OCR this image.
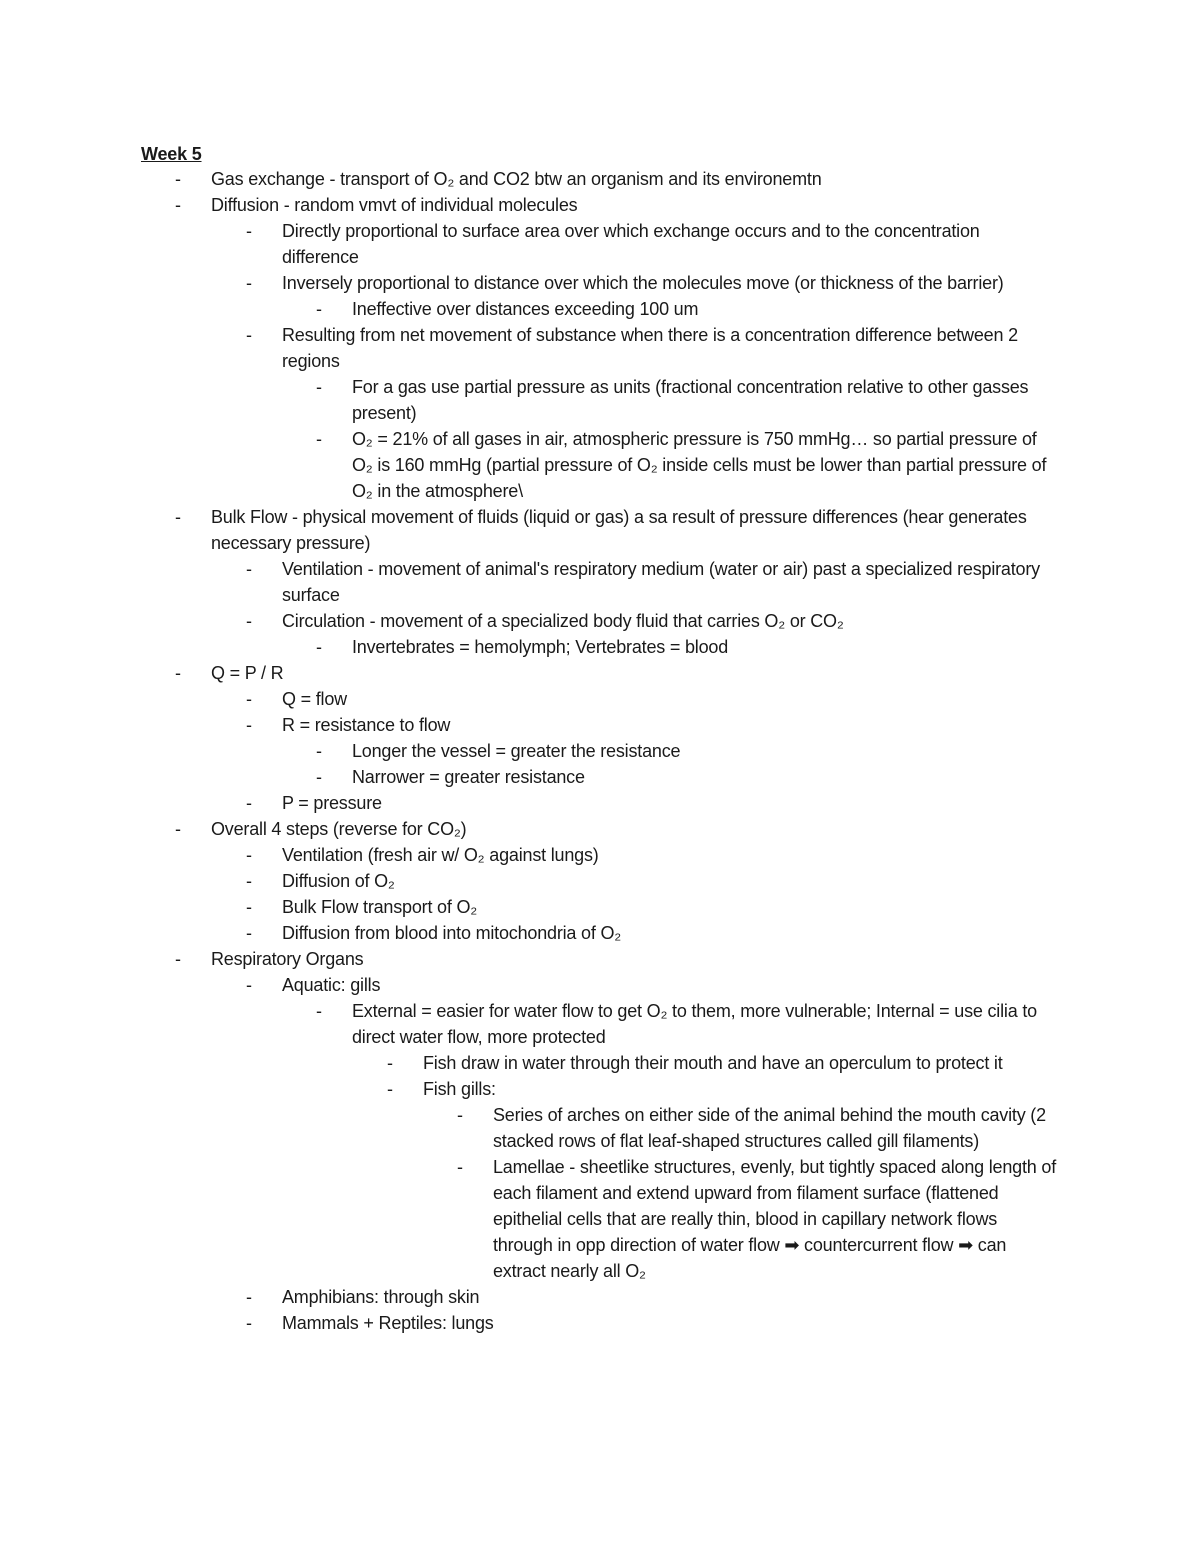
Week 5
- Gas exchange - transport of O₂ and CO2 btw an organism and its environemtn
- Diffusion - random vmvt of individual molecules
- Directly proportional to surface area over which exchange occurs and to the concentration difference
- Inversely proportional to distance over which the molecules move (or thickness of the barrier)
- Ineffective over distances exceeding 100 um
- Resulting from net movement of substance when there is a concentration difference between 2 regions
- For a gas use partial pressure as units (fractional concentration relative to other gasses present)
- O₂ = 21% of all gases in air, atmospheric pressure is 750 mmHg… so partial pressure of O₂ is 160 mmHg (partial pressure of O₂ inside cells must be lower than partial pressure of O₂ in the atmosphere\
- Bulk Flow - physical movement of fluids (liquid or gas) a sa result of pressure differences (hear generates necessary pressure)
- Ventilation - movement of animal's respiratory medium (water or air) past a specialized respiratory surface
- Circulation - movement of a specialized body fluid that carries O₂ or CO₂
- Invertebrates = hemolymph; Vertebrates = blood
- Q = P / R
- Q = flow
- R = resistance to flow
- Longer the vessel = greater the resistance
- Narrower = greater resistance
- P = pressure
- Overall 4 steps (reverse for CO₂)
- Ventilation (fresh air w/ O₂ against lungs)
- Diffusion of O₂
- Bulk Flow transport of O₂
- Diffusion from blood into mitochondria of O₂
- Respiratory Organs
- Aquatic: gills
- External = easier for water flow to get O₂ to them, more vulnerable; Internal = use cilia to direct water flow, more protected
- Fish draw in water through their mouth and have an operculum to protect it
- Fish gills:
- Series of arches on either side of the animal behind the mouth cavity (2 stacked rows of flat leaf-shaped structures called gill filaments)
- Lamellae - sheetlike structures, evenly, but tightly spaced along length of each filament and extend upward from filament surface (flattened epithelial cells that are really thin, blood in capillary network flows through in opp direction of water flow ➡ countercurrent flow ➡ can extract nearly all O₂
- Amphibians: through skin
- Mammals + Reptiles: lungs
